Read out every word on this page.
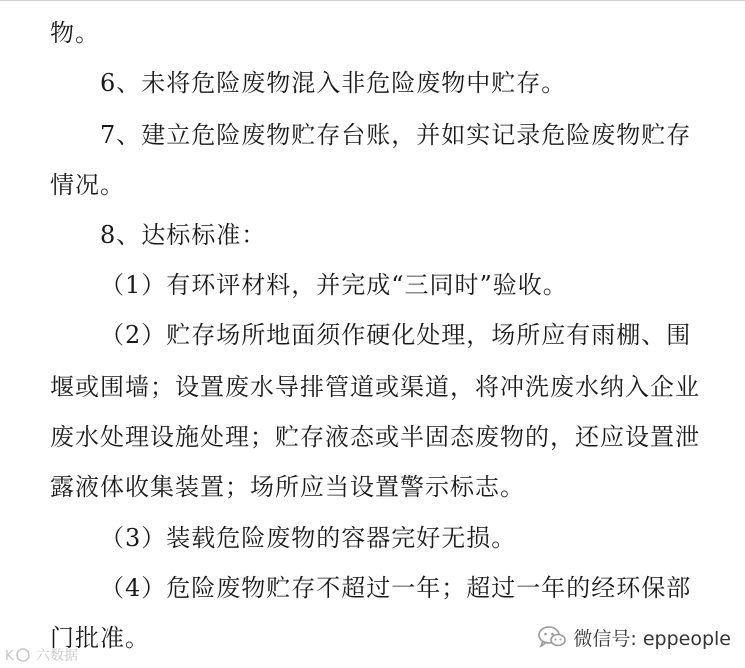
物。
6、未将危险废物混入非危险废物中贮存。
7、建立危险废物贮存台账，并如实记录危险废物贮存
情况。
8、达标标准：
（1）有环评材料，并完成“三同时”验收。
（2）贮存场所地面须作硬化处理，场所应有雨棚、围
堰或围墙；设置废水导排管道或渠道，将冲洗废水纳入企业
废水处理设施处理；贮存液态或半固态废物的，还应设置泄
露液体收集装置；场所应当设置警示标志。
（3）装载危险废物的容器完好无损。
（4）危险废物贮存不超过一年；超过一年的经环保部
门批准。	微信号: eppeople
K 六数据
